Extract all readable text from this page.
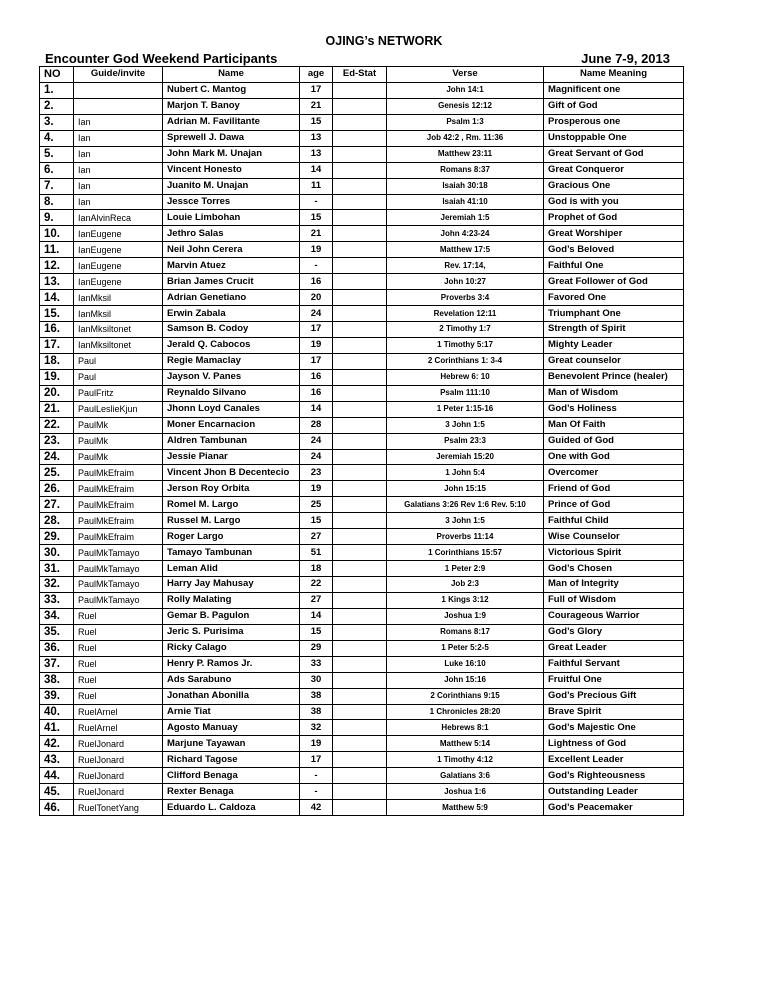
OJING’s NETWORK
Encounter God Weekend Participants	June 7-9, 2013
NO	Guide/invite	Name	age	Ed-Stat	Verse	Name Meaning
1.		Nubert C. Mantog	17		John 14:1	Magnificent one
2.		Marjon T. Banoy	21		Genesis 12:12	Gift of God
3.	Ian	Adrian M. Favilitante	15		Psalm 1:3	Prosperous one
4.	Ian	Sprewell J. Dawa	13		Job 42:2 , Rm. 11:36	Unstoppable One
5.	Ian	John Mark M. Unajan	13		Matthew 23:11	Great Servant of God
6.	Ian	Vincent Honesto	14		Romans 8:37	Great Conqueror
7.	Ian	Juanito M. Unajan	11		Isaiah 30:18	Gracious One
8.	Ian	Jessce Torres	-		Isaiah 41:10	God is with you
9.	IanAlvinReca	Louie Limbohan	15		Jeremiah 1:5	Prophet of God
10.	IanEugene	Jethro Salas	21		John 4:23-24	Great Worshiper
11.	IanEugene	Neil John Cerera	19		Matthew 17:5	God’s Beloved
12.	IanEugene	Marvin Atuez	-		Rev. 17:14,	Faithful One
13.	IanEugene	Brian James Crucit	16		John 10:27	Great Follower of God
14.	IanMksil	Adrian Genetiano	20		Proverbs 3:4	Favored One
15.	IanMksil	Erwin Zabala	24		Revelation 12:11	Triumphant One
16.	IanMksiltonet	Samson B. Codoy	17		2 Timothy 1:7	Strength of Spirit
17.	IanMksiltonet	Jerald Q. Cabocos	19		1 Timothy 5:17	Mighty Leader
18.	Paul	Regie Mamaclay	17		2 Corinthians 1: 3-4	Great counselor
19.	Paul	Jayson V. Panes	16		Hebrew 6: 10	Benevolent Prince (healer)
20.	PaulFritz	Reynaldo Silvano	16		Psalm 111:10	Man of Wisdom
21.	PaulLeslieKjun	Jhonn Loyd Canales	14		1 Peter 1:15-16	God’s Holiness
22.	PaulMk	Moner Encarnacion	28		3 John 1:5	Man Of Faith
23.	PaulMk	Aldren Tambunan	24		Psalm 23:3	Guided of God
24.	PaulMk	Jessie Pianar	24		Jeremiah 15:20	One with God
25.	PaulMkEfraim	Vincent Jhon B Decentecio	23		1 John 5:4	Overcomer
26.	PaulMkEfraim	Jerson Roy Orbita	19		John 15:15	Friend of God
27.	PaulMkEfraim	Romel M. Largo	25		Galatians 3:26 Rev 1:6 Rev. 5:10	Prince of God
28.	PaulMkEfraim	Russel M. Largo	15		3 John 1:5	Faithful Child
29.	PaulMkEfraim	Roger Largo	27		Proverbs 11:14	Wise Counselor
30.	PaulMkTamayo	Tamayo Tambunan	51		1 Corinthians 15:57	Victorious Spirit
31.	PaulMkTamayo	Leman Alid	18		1 Peter 2:9	God’s Chosen
32.	PaulMkTamayo	Harry Jay Mahusay	22		Job 2:3	Man of Integrity
33.	PaulMkTamayo	Rolly Malating	27		1 Kings 3:12	Full of Wisdom
34.	Ruel	Gemar B. Pagulon	14		Joshua 1:9	Courageous Warrior
35.	Ruel	Jeric S. Purisima	15		Romans 8:17	God’s Glory
36.	Ruel	Ricky Calago	29		1 Peter 5:2-5	Great Leader
37.	Ruel	Henry P. Ramos Jr.	33		Luke 16:10	Faithful Servant
38.	Ruel	Ads Sarabuno	30		John 15:16	Fruitful One
39.	Ruel	Jonathan Abonilla	38		2 Corinthians 9:15	God’s Precious Gift
40.	RuelArnel	Arnie Tiat	38		1 Chronicles 28:20	Brave Spirit
41.	RuelArnel	Agosto Manuay	32		Hebrews 8:1	God’s Majestic One
42.	RuelJonard	Marjune Tayawan	19		Matthew 5:14	Lightness of God
43.	RuelJonard	Richard Tagose	17		1 Timothy 4:12	Excellent Leader
44.	RuelJonard	Clifford Benaga	-		Galatians 3:6	God’s Righteousness
45.	RuelJonard	Rexter Benaga	-		Joshua 1:6	Outstanding Leader
46.	RuelTonetYang	Eduardo L. Caldoza	42		Matthew 5:9	God’s Peacemaker
